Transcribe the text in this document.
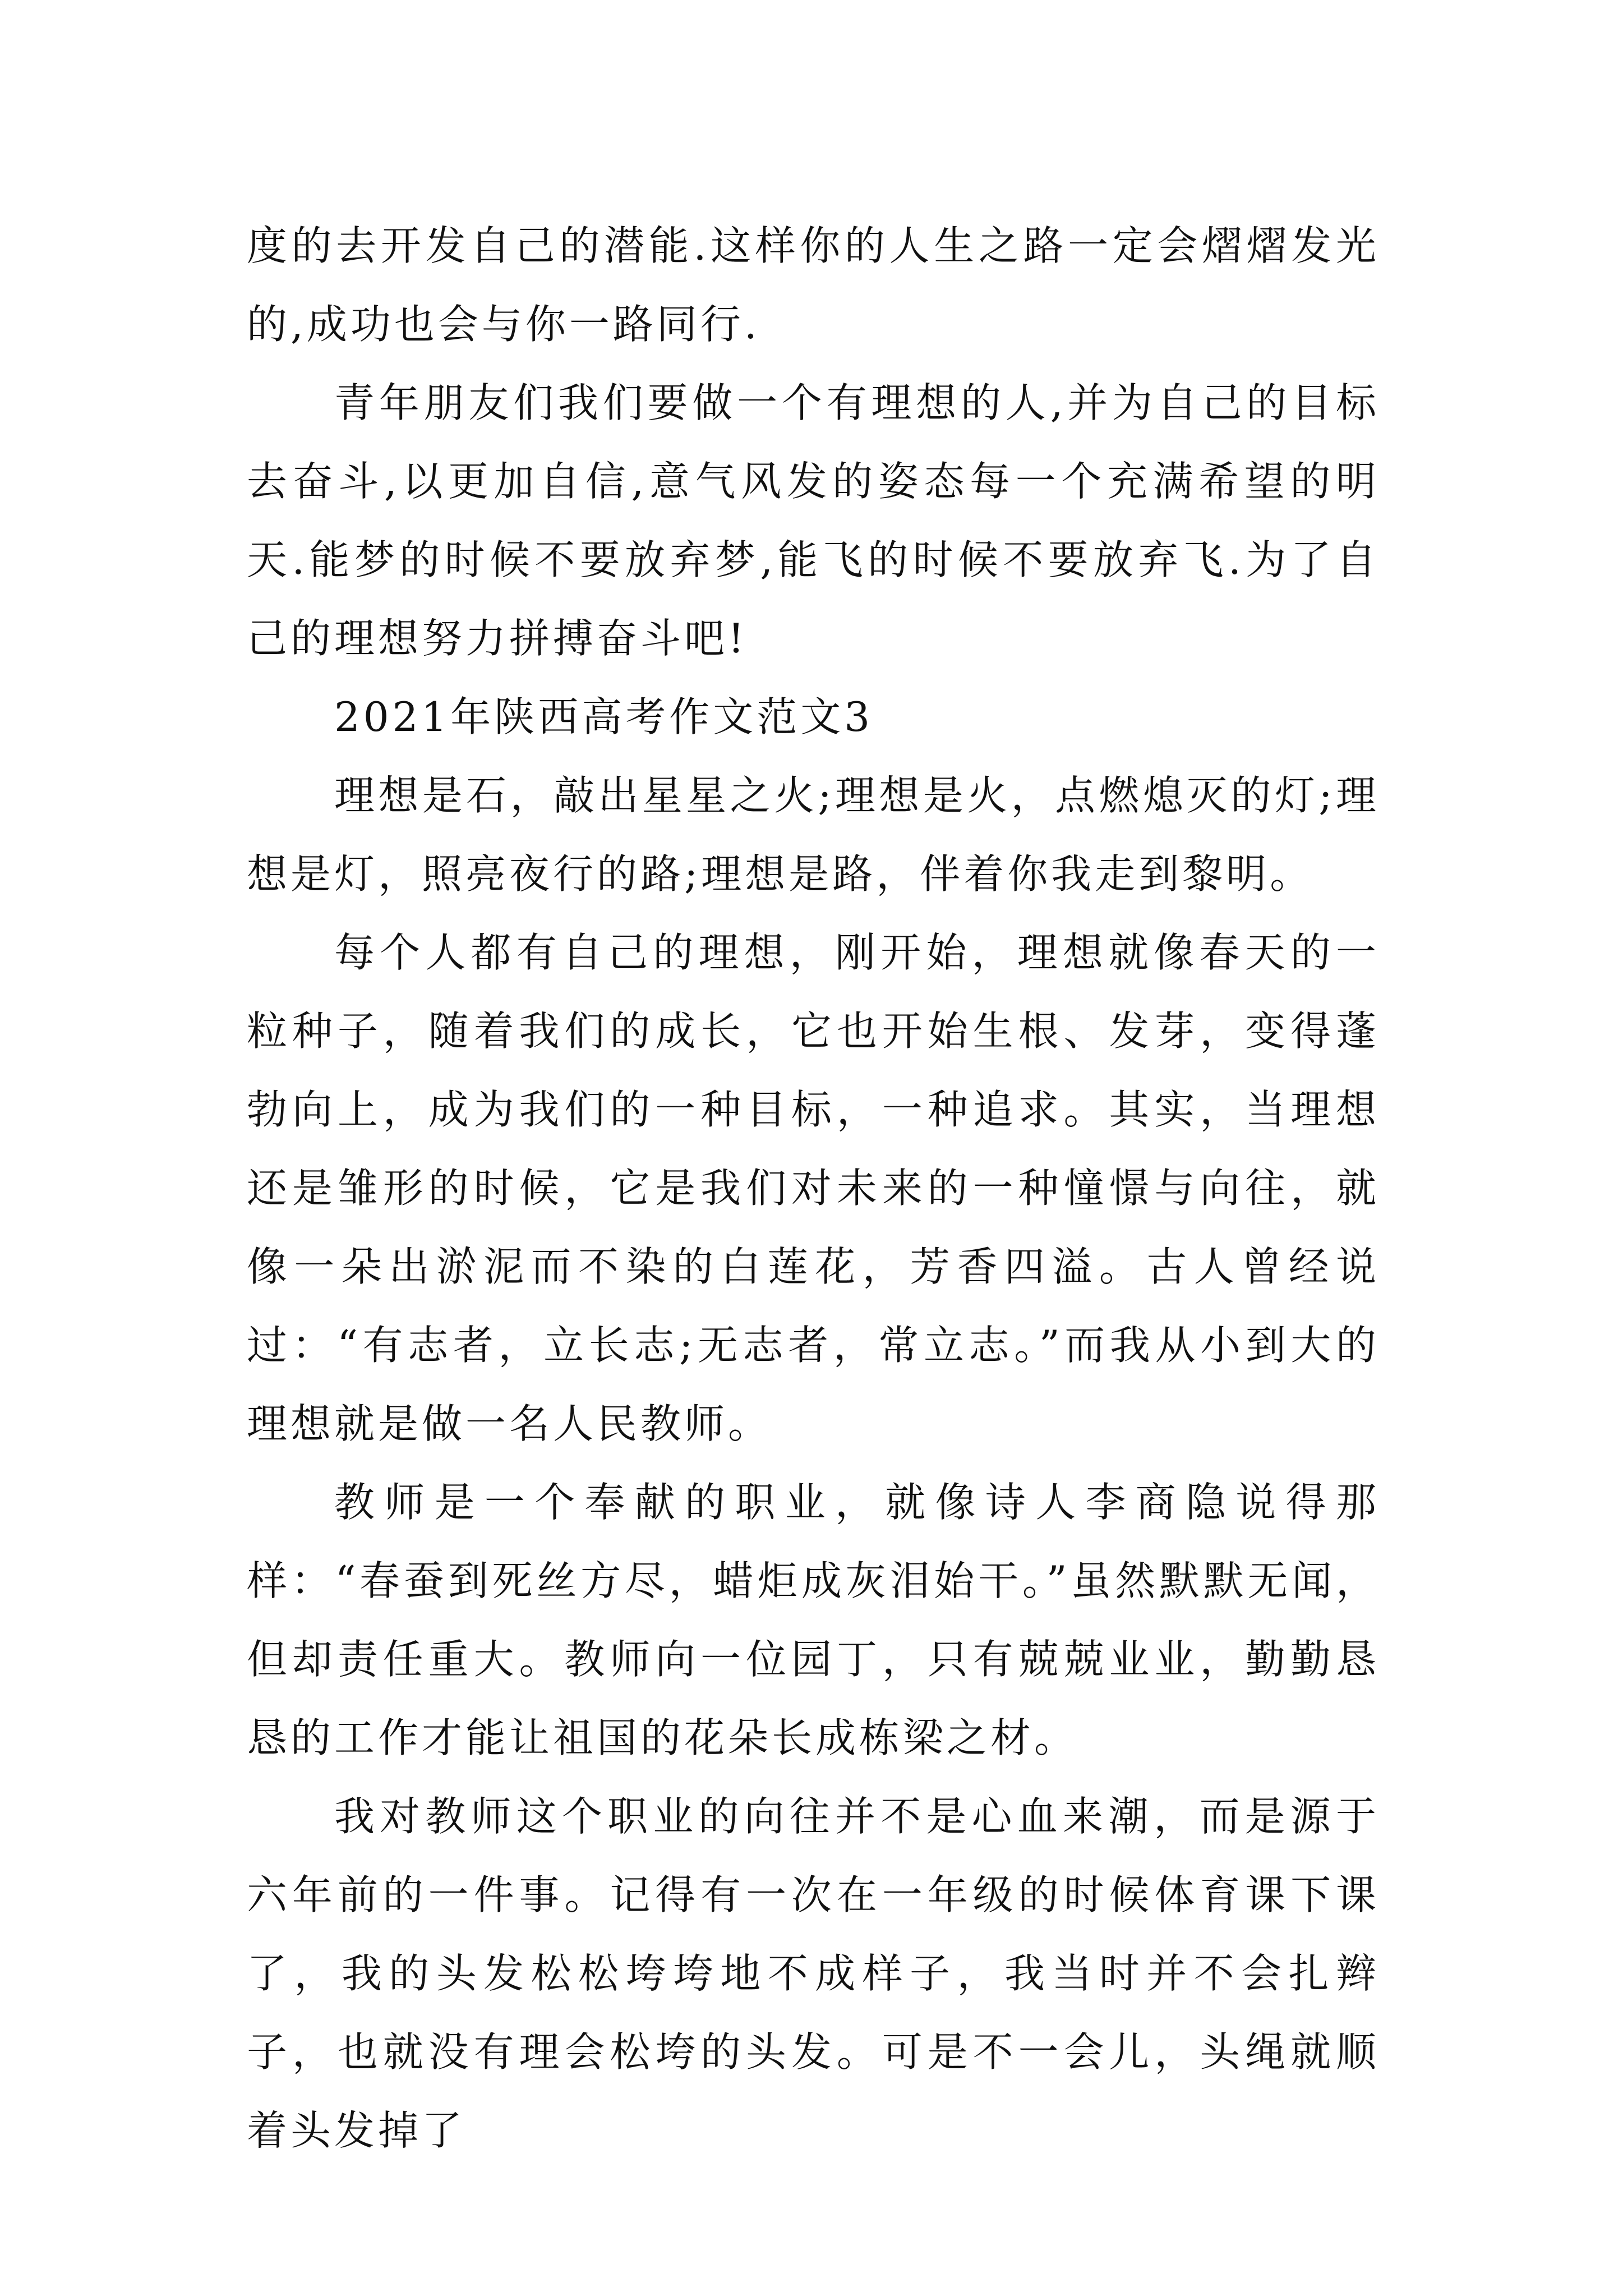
度的去开发自己的潜能.这样你的人生之路一定会熠熠发光的,成功也会与你一路同行.

青年朋友们我们要做一个有理想的人,并为自己的目标去奋斗,以更加自信,意气风发的姿态每一个充满希望的明天.能梦的时候不要放弃梦,能飞的时候不要放弃飞.为了自己的理想努力拼搏奋斗吧!

2021年陕西高考作文范文3

理想是石，敲出星星之火;理想是火，点燃熄灭的灯;理想是灯，照亮夜行的路;理想是路，伴着你我走到黎明。

每个人都有自己的理想，刚开始，理想就像春天的一粒种子，随着我们的成长，它也开始生根、发芽，变得蓬勃向上，成为我们的一种目标，一种追求。其实，当理想还是雏形的时候，它是我们对未来的一种憧憬与向往，就像一朵出淤泥而不染的白莲花，芳香四溢。古人曾经说过：“有志者，立长志;无志者，常立志。”而我从小到大的理想就是做一名人民教师。

教师是一个奉献的职业，就像诗人李商隐说得那样：“春蚕到死丝方尽，蜡炬成灰泪始干。”虽然默默无闻，但却责任重大。教师向一位园丁，只有兢兢业业，勤勤恳恳的工作才能让祖国的花朵长成栋梁之材。

我对教师这个职业的向往并不是心血来潮，而是源于六年前的一件事。记得有一次在一年级的时候体育课下课了，我的头发松松垮垮地不成样子，我当时并不会扎辫子，也就没有理会松垮的头发。可是不一会儿，头绳就顺着头发掉了
